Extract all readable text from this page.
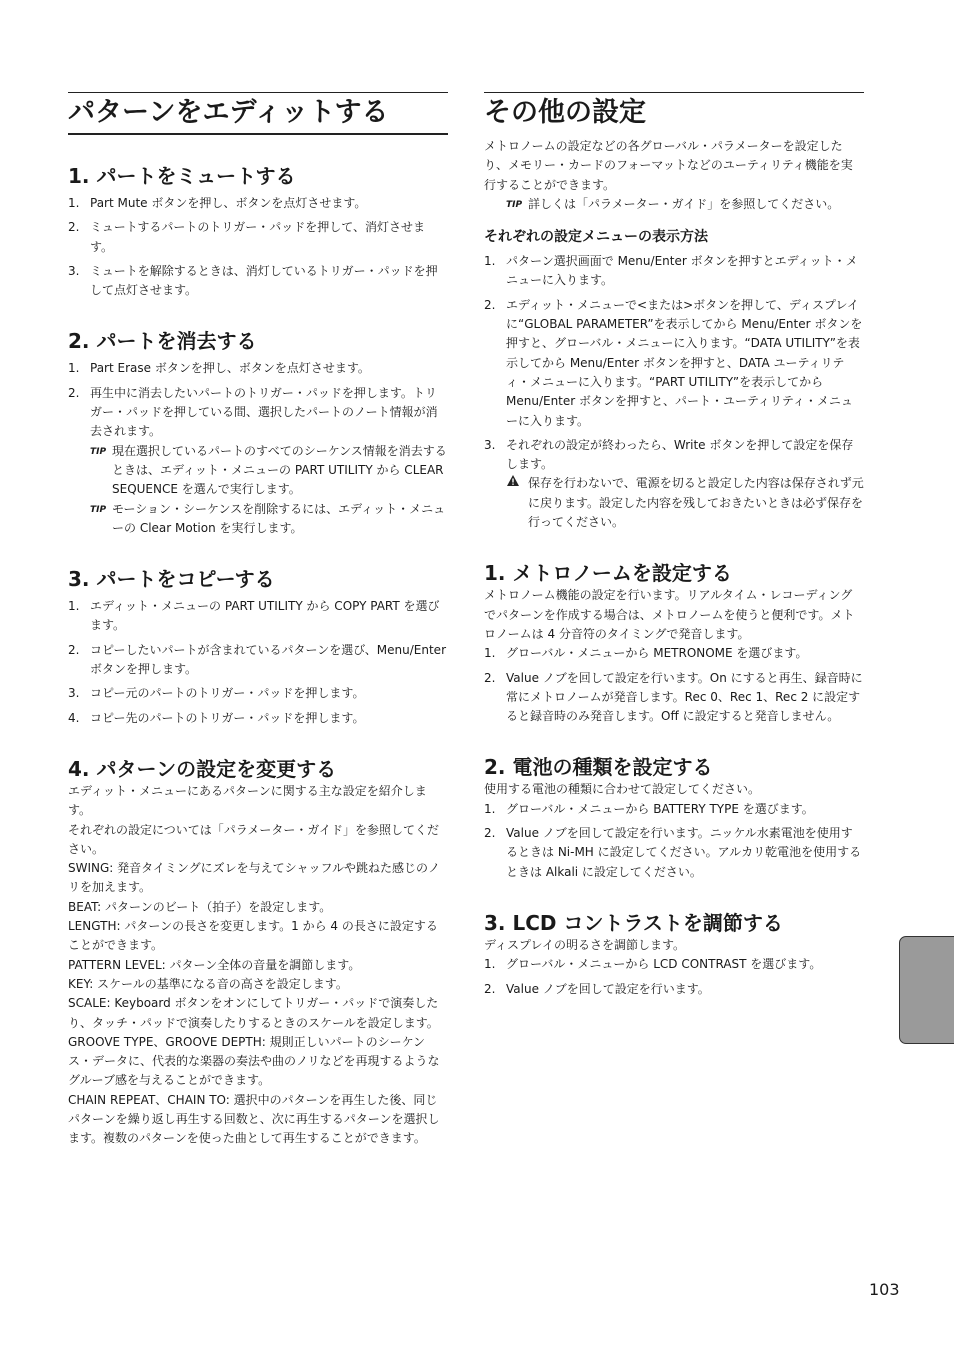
パターンをエディットする
1. パートをミュートする
1. Part Mute ボタンを押し、ボタンを点灯させます。
2. ミュートするパートのトリガー・パッドを押して、消灯させます。
3. ミュートを解除するときは、消灯しているトリガー・パッドを押して点灯させます。
2. パートを消去する
1. Part Erase ボタンを押し、ボタンを点灯させます。
2. 再生中に消去したいパートのトリガー・パッドを押します。トリガー・パッドを押している間、選択したパートのノート情報が消去されます。
TIP 現在選択しているパートのすべてのシーケンス情報を消去するときは、エディット・メニューの PART UTILITY から CLEAR SEQUENCE を選んで実行します。
TIP モーション・シーケンスを削除するには、エディット・メニューの Clear Motion を実行します。
3. パートをコピーする
1. エディット・メニューの PART UTILITY から COPY PART を選びます。
2. コピーしたいパートが含まれているパターンを選び、Menu/Enter ボタンを押します。
3. コピー元のパートのトリガー・パッドを押します。
4. コピー先のパートのトリガー・パッドを押します。
4. パターンの設定を変更する

エディット・メニューにあるパターンに関する主な設定を紹介します。

それぞれの設定については「パラメーター・ガイド」を参照してください。

SWING: 発音タイミングにズレを与えてシャッフルや跳ねた感じのノリを加えます。

BEAT: パターンのビート（拍子）を設定します。

LENGTH: パターンの長さを変更します。1 から 4 の長さに設定することができます。

PATTERN LEVEL: パターン全体の音量を調節します。

KEY: スケールの基準になる音の高さを設定します。

SCALE: Keyboard ボタンをオンにしてトリガー・パッドで演奏したり、タッチ・パッドで演奏したりするときのスケールを設定します。

GROOVE TYPE、GROOVE DEPTH: 規則正しいパートのシーケンス・データに、代表的な楽器の奏法や曲のノリなどを再現するようなグルーブ感を与えることができます。

CHAIN REPEAT、CHAIN TO: 選択中のパターンを再生した後、同じパターンを繰り返し再生する回数と、次に再生するパターンを選択します。複数のパターンを使った曲として再生することができます。

その他の設定

メトロノームの設定などの各グローバル・パラメーターを設定したり、メモリー・カードのフォーマットなどのユーティリティ機能を実行することができます。

TIP 詳しくは「パラメーター・ガイド」を参照してください。
それぞれの設定メニューの表示方法
1. パターン選択画面で Menu/Enter ボタンを押すとエディット・メニューに入ります。
2. エディット・メニューで<または>ボタンを押して、ディスプレイに“GLOBAL PARAMETER”を表示してから Menu/Enter ボタンを押すと、グローバル・メニューに入ります。“DATA UTILITY”を表示してから Menu/Enter ボタンを押すと、DATA ユーティリティ・メニューに入ります。“PART UTILITY”を表示してから Menu/Enter ボタンを押すと、パート・ユーティリティ・メニューに入ります。
3. それぞれの設定が終わったら、Write ボタンを押して設定を保存します。
保存を行わないで、電源を切ると設定した内容は保存されず元に戻ります。設定した内容を残しておきたいときは必ず保存を行ってください。
1. メトロノームを設定する

メトロノーム機能の設定を行います。リアルタイム・レコーディングでパターンを作成する場合は、メトロノームを使うと便利です。メトロノームは 4 分音符のタイミングで発音します。

1. グローバル・メニューから METRONOME を選びます。
2. Value ノブを回して設定を行います。On にすると再生、録音時に常にメトロノームが発音します。Rec 0、Rec 1、Rec 2 に設定すると録音時のみ発音します。Off に設定すると発音しません。
2. 電池の種類を設定する

使用する電池の種類に合わせて設定してください。

1. グローバル・メニューから BATTERY TYPE を選びます。
2. Value ノブを回して設定を行います。ニッケル水素電池を使用するときは Ni-MH に設定してください。アルカリ乾電池を使用するときは Alkali に設定してください。
3. LCD コントラストを調節する

ディスプレイの明るさを調節します。

1. グローバル・メニューから LCD CONTRAST を選びます。
2. Value ノブを回して設定を行います。
103
